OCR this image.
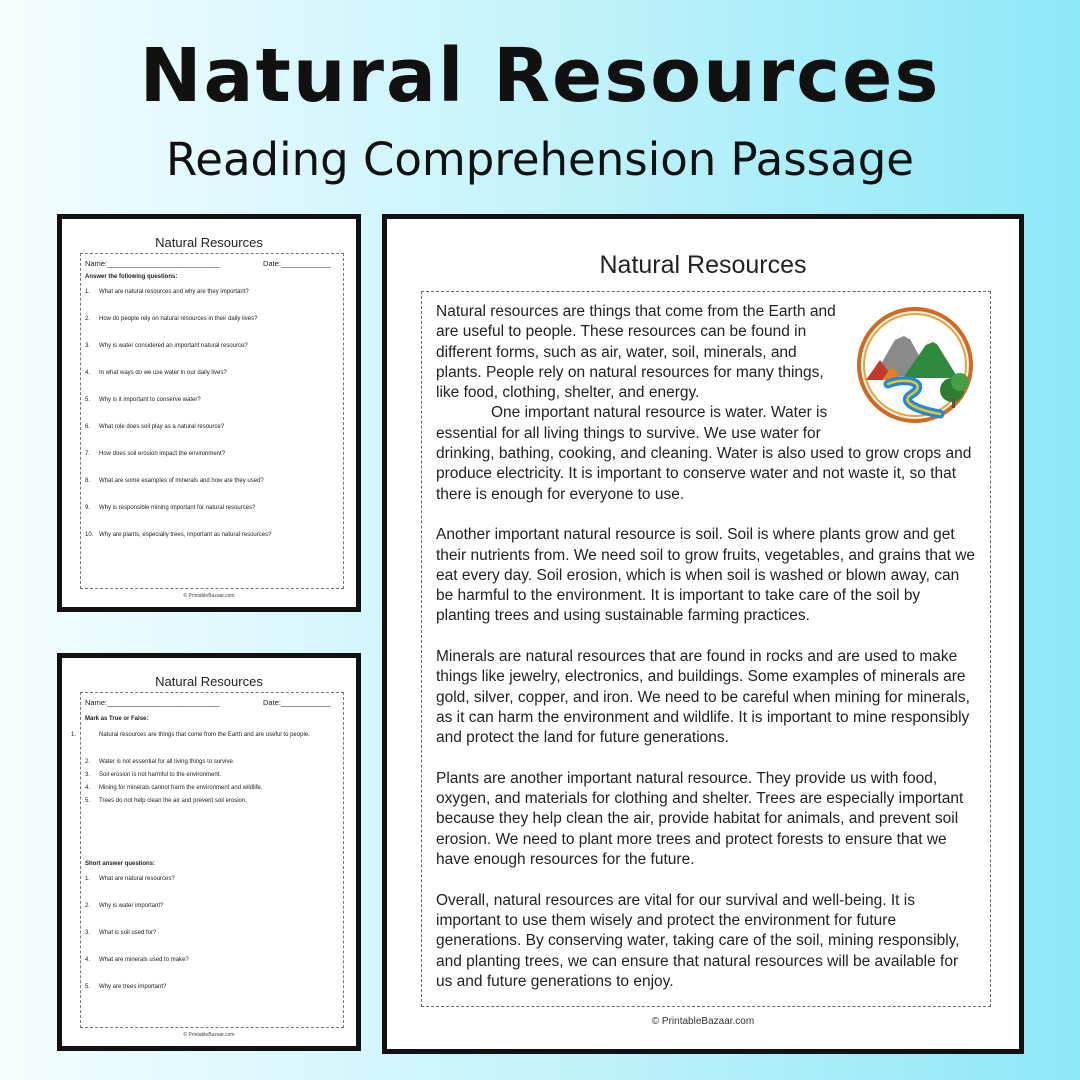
Natural Resources
Reading Comprehension Passage
Natural Resources
Name:___________________________	Date:____________
Answer the following questions:
1. What are natural resources and why are they important?
2. How do people rely on natural resources in their daily lives?
3. Why is water considered an important natural resource?
4. In what ways do we use water in our daily lives?
5. Why is it important to conserve water?
6. What role does soil play as a natural resource?
7. How does soil erosion impact the environment?
8. What are some examples of minerals and how are they used?
9. Why is responsible mining important for natural resources?
10. Why are plants, especially trees, important as natural resources?
© PrintableBazaar.com
Natural Resources
Name:___________________________	Date:____________
Mark as True or False:
1.	Natural resources are things that come from the Earth and are useful to people.
2. Water is not essential for all living things to survive.
3. Soil erosion is not harmful to the environment.
4. Mining for minerals cannot harm the environment and wildlife.
5. Trees do not help clean the air and prevent soil erosion.
Short answer questions:
1. What are natural resources?
2. Why is water important?
3. What is soil used for?
4. What are minerals used to make?
5. Why are trees important?
© PrintableBazaar.com
Natural Resources

Natural resources are things that come from the Earth and are useful to people. These resources can be found in different forms, such as air, water, soil, minerals, and plants. People rely on natural resources for many things, like food, clothing, shelter, and energy.

One important natural resource is water. Water is essential for all living things to survive. We use water for drinking, bathing, cooking, and cleaning. Water is also used to grow crops and produce electricity. It is important to conserve water and not waste it, so that there is enough for everyone to use.

Another important natural resource is soil. Soil is where plants grow and get their nutrients from. We need soil to grow fruits, vegetables, and grains that we eat every day. Soil erosion, which is when soil is washed or blown away, can be harmful to the environment. It is important to take care of the soil by planting trees and using sustainable farming practices.

Minerals are natural resources that are found in rocks and are used to make things like jewelry, electronics, and buildings. Some examples of minerals are gold, silver, copper, and iron. We need to be careful when mining for minerals, as it can harm the environment and wildlife. It is important to mine responsibly and protect the land for future generations.

Plants are another important natural resource. They provide us with food, oxygen, and materials for clothing and shelter. Trees are especially important because they help clean the air, provide habitat for animals, and prevent soil erosion. We need to plant more trees and protect forests to ensure that we have enough resources for the future.

Overall, natural resources are vital for our survival and well-being. It is important to use them wisely and protect the environment for future generations. By conserving water, taking care of the soil, mining responsibly, and planting trees, we can ensure that natural resources will be available for us and future generations to enjoy.

© PrintableBazaar.com
